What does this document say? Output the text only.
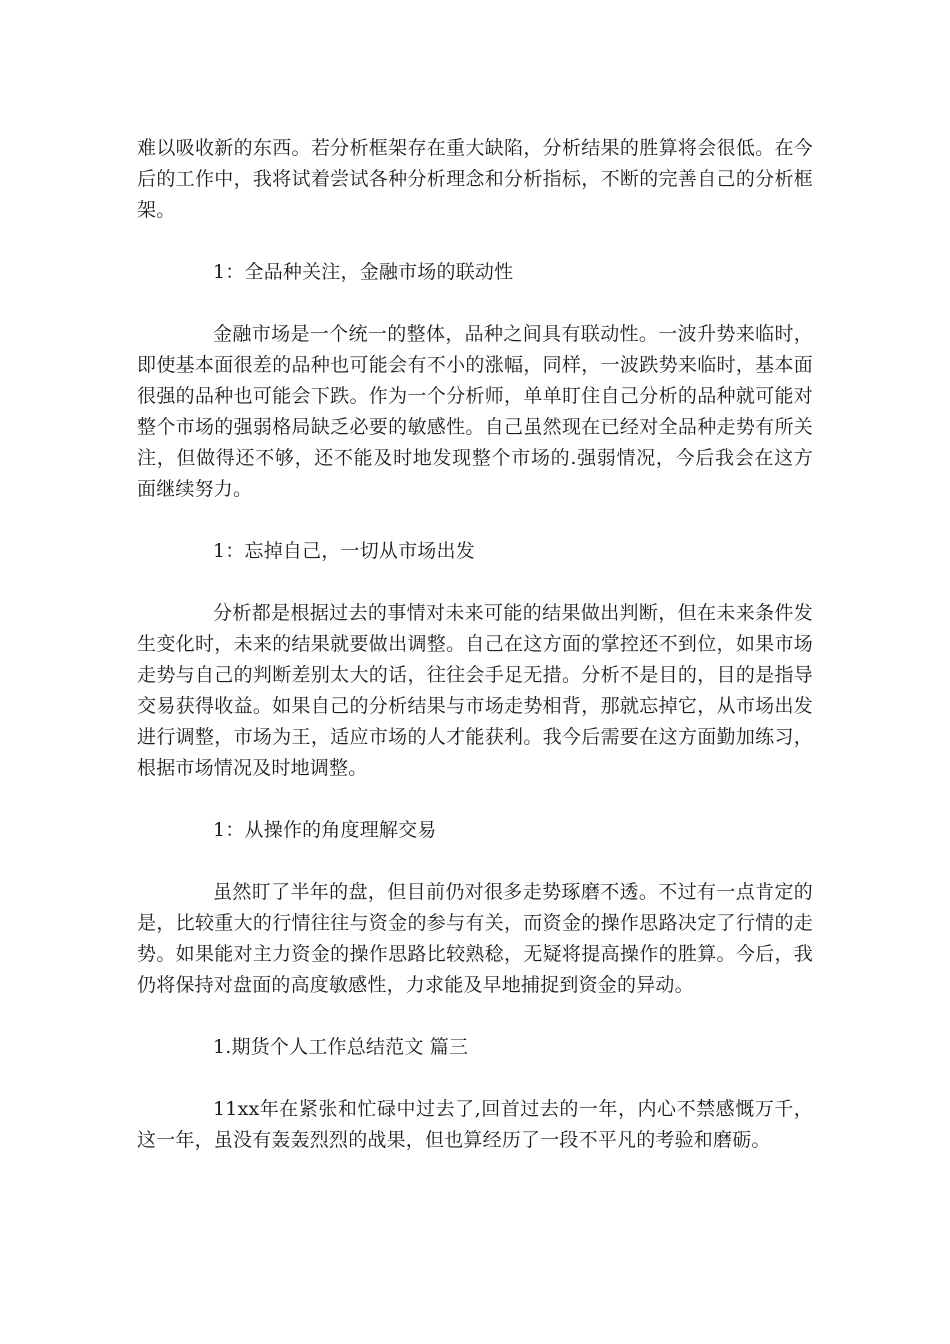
难以吸收新的东西。若分析框架存在重大缺陷，分析结果的胜算将会很低。在今后的工作中，我将试着尝试各种分析理念和分析指标，不断的完善自己的分析框架。

1：全品种关注，金融市场的联动性

金融市场是一个统一的整体，品种之间具有联动性。一波升势来临时，即使基本面很差的品种也可能会有不小的涨幅，同样，一波跌势来临时，基本面很强的品种也可能会下跌。作为一个分析师，单单盯住自己分析的品种就可能对整个市场的强弱格局缺乏必要的敏感性。自己虽然现在已经对全品种走势有所关注，但做得还不够，还不能及时地发现整个市场的.强弱情况，今后我会在这方面继续努力。

1：忘掉自己，一切从市场出发

分析都是根据过去的事情对未来可能的结果做出判断，但在未来条件发生变化时，未来的结果就要做出调整。自己在这方面的掌控还不到位，如果市场走势与自己的判断差别太大的话，往往会手足无措。分析不是目的，目的是指导交易获得收益。如果自己的分析结果与市场走势相背，那就忘掉它，从市场出发进行调整，市场为王，适应市场的人才能获利。我今后需要在这方面勤加练习，根据市场情况及时地调整。

1：从操作的角度理解交易

虽然盯了半年的盘，但目前仍对很多走势琢磨不透。不过有一点肯定的是，比较重大的行情往往与资金的参与有关，而资金的操作思路决定了行情的走势。如果能对主力资金的操作思路比较熟稔，无疑将提高操作的胜算。今后，我仍将保持对盘面的高度敏感性，力求能及早地捕捉到资金的异动。

1.期货个人工作总结范文 篇三

11xx年在紧张和忙碌中过去了,回首过去的一年，内心不禁感慨万千，这一年，虽没有轰轰烈烈的战果，但也算经历了一段不平凡的考验和磨砺。
